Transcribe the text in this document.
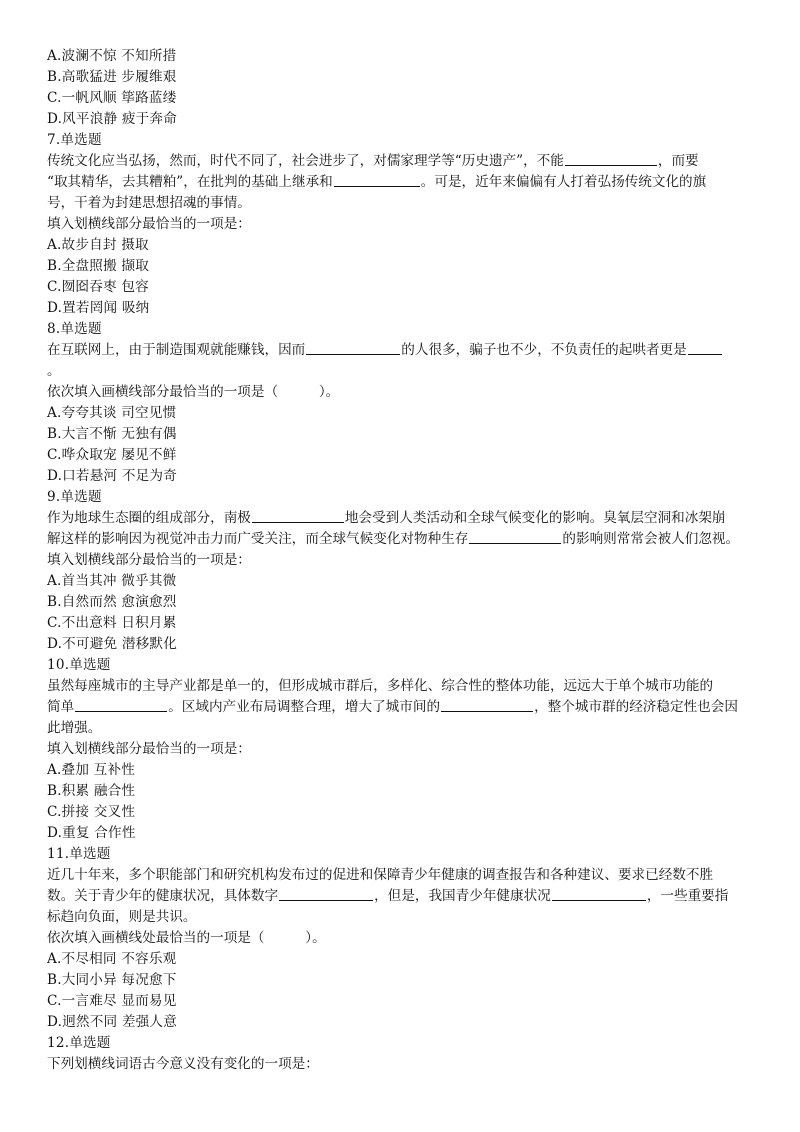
A.波澜不惊 不知所措
B.高歌猛进 步履维艰
C.一帆风顺 筚路蓝缕
D.风平浪静 疲于奔命
7.单选题
传统文化应当弘扬，然而，时代不同了，社会进步了，对儒家理学等“历史遗产”，不能	，而要
“取其精华，去其糟粕”，在批判的基础上继承和	。可是，近年来偏偏有人打着弘扬传统文化的旗
号，干着为封建思想招魂的事情。
填入划横线部分最恰当的一项是：
A.故步自封 摄取
B.全盘照搬 撷取
C.囫囵吞枣 包容
D.置若罔闻 吸纳
8.单选题
在互联网上，由于制造围观就能赚钱，因而	的人很多，骗子也不少，不负责任的起哄者更是
。
依次填入画横线部分最恰当的一项是（　　　）。
A.夸夸其谈 司空见惯
B.大言不惭 无独有偶
C.哗众取宠 屡见不鲜
D.口若悬河 不足为奇
9.单选题
作为地球生态圈的组成部分，南极	地会受到人类活动和全球气候变化的影响。臭氧层空洞和冰架崩
解这样的影响因为视觉冲击力而广受关注，而全球气候变化对物种生存	的影响则常常会被人们忽视。
填入划横线部分最恰当的一项是：
A.首当其冲 微乎其微
B.自然而然 愈演愈烈
C.不出意料 日积月累
D.不可避免 潜移默化
10.单选题
虽然每座城市的主导产业都是单一的，但形成城市群后，多样化、综合性的整体功能，远远大于单个城市功能的
简单	。区域内产业布局调整合理，增大了城市间的	，整个城市群的经济稳定性也会因
此增强。
填入划横线部分最恰当的一项是：
A.叠加 互补性
B.积累 融合性
C.拼接 交叉性
D.重复 合作性
11.单选题
近几十年来，多个职能部门和研究机构发布过的促进和保障青少年健康的调查报告和各种建议、要求已经数不胜
数。关于青少年的健康状况，具体数字	，但是，我国青少年健康状况	，一些重要指
标趋向负面，则是共识。
依次填入画横线处最恰当的一项是（　　　）。
A.不尽相同 不容乐观
B.大同小异 每况愈下
C.一言难尽 显而易见
D.迥然不同 差强人意
12.单选题
下列划横线词语古今意义没有变化的一项是：
